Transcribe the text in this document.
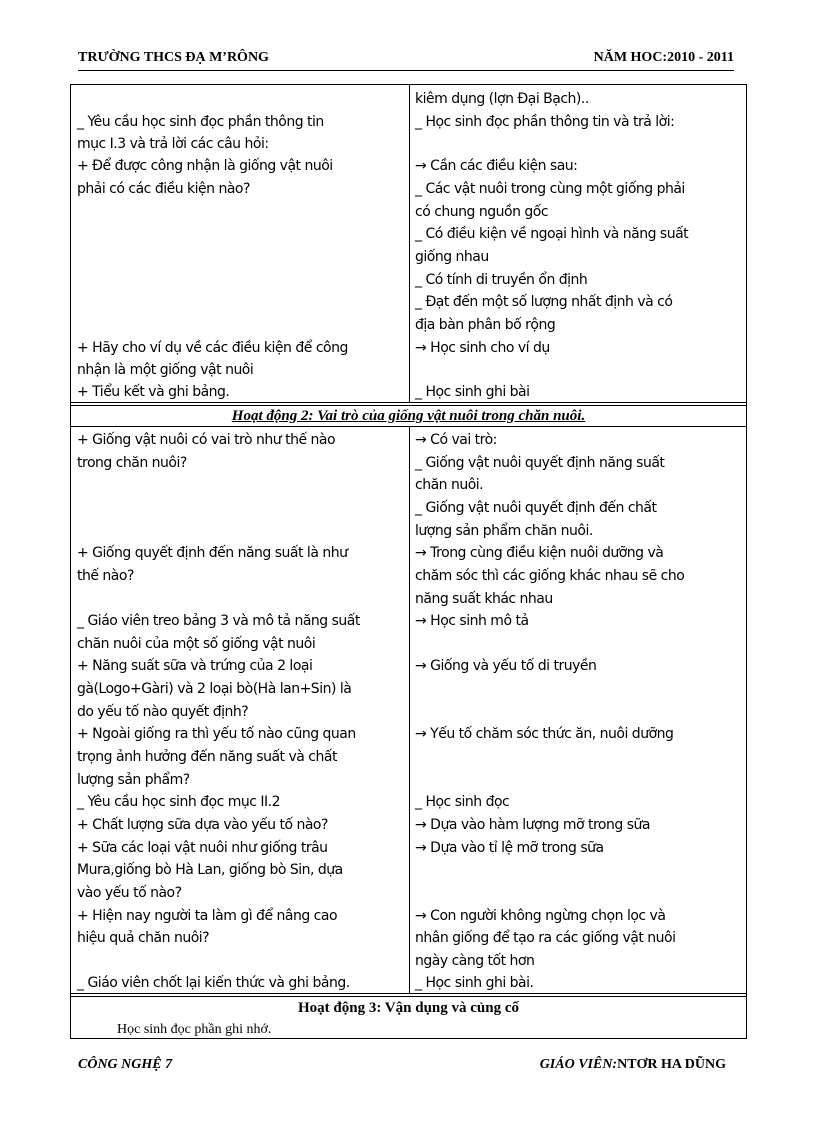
TRƯỜNG THCS ĐẠ M’RÔNG	NĂM HOC:2010 - 2011
_ Yêu cầu học sinh đọc phần thông tin
mục I.3 và trả lời các câu hỏi:
+ Để được công nhận là giống vật nuôi
phải có các điều kiện nào?
+ Hãy cho ví dụ về các điều kiện để công
nhận là một giống vật nuôi
+ Tiểu kết và ghi bảng.
kiêm dụng (lợn Đại Bạch)..
_ Học sinh đọc phần thông tin và trả lời:
→ Cần các điều kiện sau:
_ Các vật nuôi trong cùng một giống phải
có chung nguồn gốc
_ Có điều kiện về ngoại hình và năng suất
giống nhau
_ Có tính di truyền ổn định
_ Đạt đến một số lượng nhất định và có
địa bàn phân bố rộng
→ Học sinh cho ví dụ
_ Học sinh ghi bài
Hoạt động 2: Vai trò của giống vật nuôi trong chăn nuôi.
+ Giống vật nuôi có vai trò như thế nào
trong chăn nuôi?
+ Giống quyết định đến năng suất là như
thế nào?
_ Giáo viên treo bảng 3 và mô tả năng suất
chăn nuôi của một số giống vật nuôi
+ Năng suất sữa và trứng của 2 loại
gà(Logo+Gàri) và 2 loại bò(Hà lan+Sin) là
do yếu tố nào quyết định?
+ Ngoài giống ra thì yếu tố nào cũng quan
trọng ảnh hưởng đến năng suất và chất
lượng sản phẩm?
_ Yêu cầu học sinh đọc mục II.2
+ Chất lượng sữa dựa vào yếu tố nào?
+ Sữa các loại vật nuôi như giống trâu
Mura,giống bò Hà Lan, giống bò Sin, dựa
vào yếu tố nào?
+ Hiện nay người ta làm gì để nâng cao
hiệu quả chăn nuôi?
_ Giáo viên chốt lại kiến thức và ghi bảng.
→ Có vai trò:
_ Giống vật nuôi quyết định năng suất
chăn nuôi.
_ Giống vật nuôi quyết định đến chất
lượng sản phẩm chăn nuôi.
→ Trong cùng điều kiện nuôi dưỡng và
chăm sóc thì các giống khác nhau sẽ cho
năng suất khác nhau
→ Học sinh mô tả
→ Giống và yếu tố di truyền
→ Yếu tố chăm sóc thức ăn, nuôi dưỡng
_ Học sinh đọc
→ Dựa vào hàm lượng mỡ trong sữa
→ Dựa vào tỉ lệ mỡ trong sữa
→ Con người không ngừng chọn lọc và
nhân giống để tạo ra các giống vật nuôi
ngày càng tốt hơn
_ Học sinh ghi bài.
Hoạt động 3: Vận dụng và củng cố
Học sinh đọc phần ghi nhớ.
CÔNG NGHỆ 7	GIÁO VIÊN:NTƠR HA DŨNG
